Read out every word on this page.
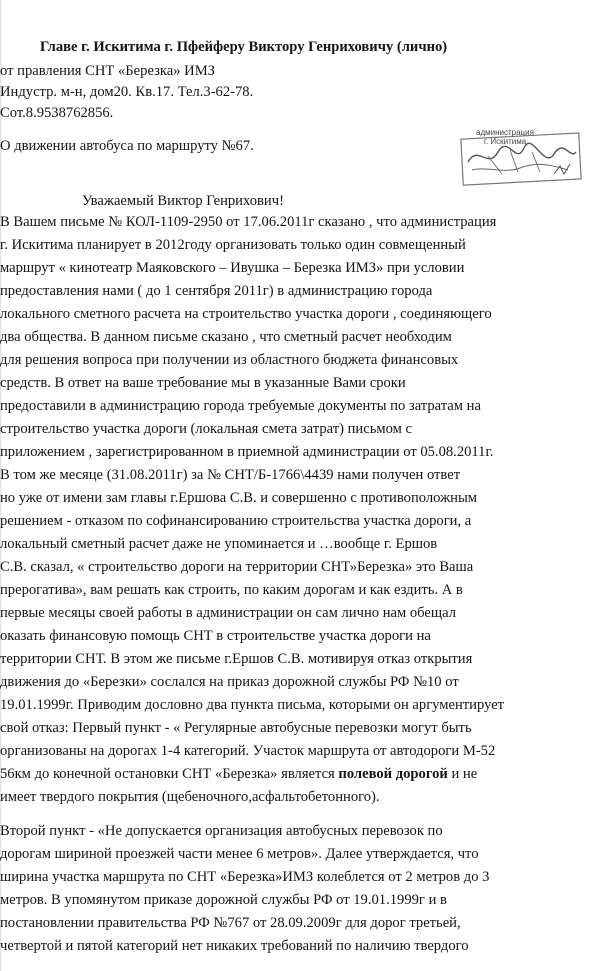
Главе г. Искитима г. Пфейферу Виктору Генриховичу (лично)
от правления СНТ «Березка» ИМЗ
Индустр. м-н, дом20. Кв.17. Тел.3-62-78.
Сот.8.9538762856.
О движении автобуса по маршруту №67.
администрация
г. Искитима
Уважаемый Виктор Генрихович!
В Вашем письме № КОЛ-1109-2950 от 17.06.2011г сказано , что администрация
г. Искитима планирует в 2012году организовать только один совмещенный
маршрут « кинотеатр Маяковского – Ивушка – Березка ИМЗ» при условии
предоставления нами ( до 1 сентября 2011г) в администрацию города
локального сметного расчета на строительство участка дороги , соединяющего
два общества. В данном письме сказано , что сметный расчет необходим
для решения вопроса при получении из областного бюджета финансовых
средств. В ответ на ваше требование мы в указанные Вами сроки
предоставили в администрацию города требуемые документы по затратам на
строительство участка дороги (локальная смета затрат) письмом с
приложением , зарегистрированном в приемной администрации от 05.08.2011г.
В том же месяце (31.08.2011г) за № СНТ/Б-1766\4439 нами получен ответ
но уже от имени зам главы г.Ершова С.В. и совершенно с противоположным
решением - отказом по софинансированию строительства участка дороги, а
локальный сметный расчет даже не упоминается и …вообще г. Ершов
С.В. сказал, « строительство дороги на территории СНТ»Березка» это Ваша
прерогатива», вам решать как строить, по каким дорогам и как ездить. А в
первые месяцы своей работы в администрации он сам лично нам обещал
оказать финансовую помощь СНТ в строительстве участка дороги на
территории СНТ. В этом же письме г.Ершов С.В. мотивируя отказ открытия
движения до «Березки» сослался на приказ дорожной службы РФ №10 от
19.01.1999г. Приводим дословно два пункта письма, которыми он аргументирует
свой отказ: Первый пункт - « Регулярные автобусные перевозки могут быть
организованы на дорогах 1-4 категорий. Участок маршрута от автодороги М-52
56км до конечной остановки СНТ «Березка» является полевой дорогой и не
имеет твердого покрытия (щебеночного,асфальтобетонного).
Второй пункт - «Не допускается организация автобусных перевозок по
дорогам шириной проезжей части менее 6 метров». Далее утверждается, что
ширина участка маршрута по СНТ «Березка»ИМЗ колеблется от 2 метров до 3
метров. В упомянутом приказе дорожной службы РФ от 19.01.1999г и в
постановлении правительства РФ №767 от 28.09.2009г для дорог третьей,
четвертой и пятой категорий нет никаких требований по наличию твердого
